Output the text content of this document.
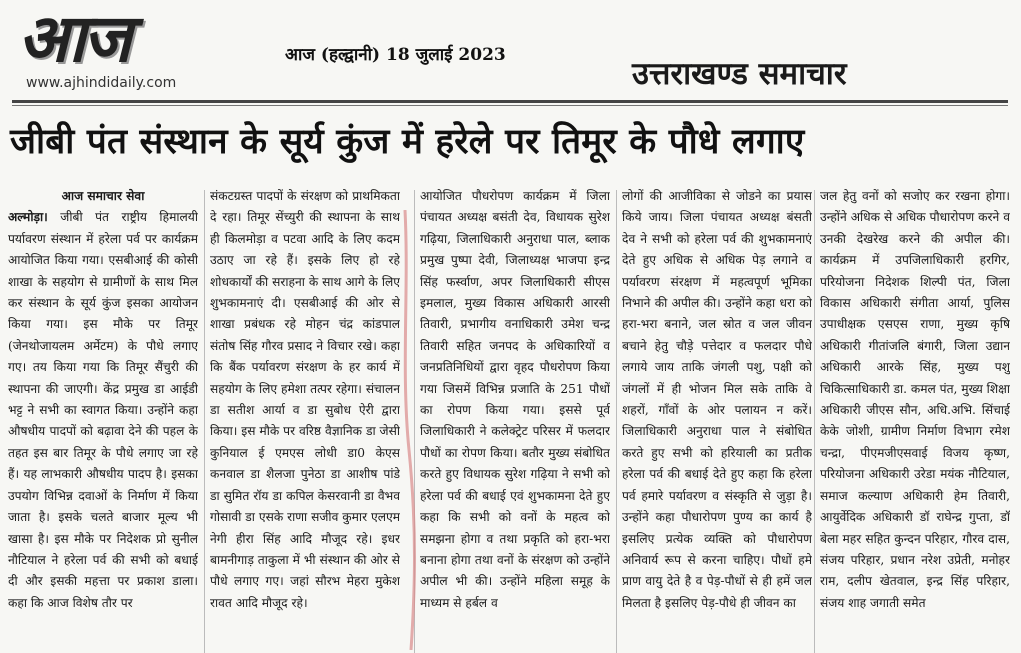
आज
www.ajhindidaily.com
आज (हल्द्वानी) 18 जुलाई 2023
उत्तराखण्ड समाचार
जीबी पंत संस्थान के सूर्य कुंज में हरेले पर तिमूर के पौधे लगाए

आज समाचार सेवा

अल्मोड़ा। जीबी पंत राष्ट्रीय हिमालयी पर्यावरण संस्थान में हरेला पर्व पर कार्यक्रम आयोजित किया गया। एसबीआई की कोसी शाखा के सहयोग से ग्रामीणों के साथ मिल कर संस्थान के सूर्य कुंज इसका आयोजन किया गया। इस मौके पर तिमूर (जेनथोजायलम अर्मेटम) के पौधे लगाए गए। तय किया गया कि तिमूर सैंचुरी की स्थापना की जाएगी। केंद्र प्रमुख डा आईडी भट्ट ने सभी का स्वागत किया। उन्होंने कहा औषधीय पादपों को बढ़ावा देने की पहल के तहत इस बार तिमूर के पौधे लगाए जा रहे हैं। यह लाभकारी औषधीय पादप है। इसका उपयोग विभिन्न दवाओं के निर्माण में किया जाता है। इसके चलते बाजार मूल्य भी खासा है। इस मौके पर निदेशक प्रो सुनील नौटियाल ने हरेला पर्व की सभी को बधाई दी और इसकी महत्ता पर प्रकाश डाला। कहा कि आज विशेष तौर पर

संकटग्रस्त पादपों के संरक्षण को प्राथमिकता दे रहा। तिमूर सेंच्युरी की स्थापना के साथ ही किलमोड़ा व पटवा आदि के लिए कदम उठाए जा रहे हैं। इसके लिए हो रहे शोधकार्यों की सराहना के साथ आगे के लिए शुभकामनाएं दी। एसबीआई की ओर से शाखा प्रबंधक रहे मोहन चंद्र कांडपाल संतोष सिंह गौरव प्रसाद ने विचार रखे। कहा कि बैंक पर्यावरण संरक्षण के हर कार्य में सहयोग के लिए हमेशा तत्पर रहेगा। संचालन डा सतीश आर्या व डा सुबोध ऐरी द्वारा किया। इस मौके पर वरिष्ठ वैज्ञानिक डा जेसी कुनियाल ई एमएस लोधी डा0 केएस कनवाल डा शैलजा पुनेठा डा आशीष पांडे डा सुमित रॉय डा कपिल केसरवानी डा वैभव गोसावी डा एसके राणा सजीव कुमार एलएम नेगी हीरा सिंह आदि मौजूद रहे। इधर बामनीगाड़ ताकुला में भी संस्थान की ओर से पौधे लगाए गए। जहां सौरभ मेहरा मुकेश रावत आदि मौजूद रहे।

आयोजित पौधरोपण कार्यक्रम में जिला पंचायत अध्यक्ष बसंती देव, विधायक सुरेश गढ़िया, जिलाधिकारी अनुराधा पाल, ब्लाक प्रमुख पुष्पा देवी, जिलाध्यक्ष भाजपा इन्द्र सिंह फर्स्वाण, अपर जिलाधिकारी सीएस इमलाल, मुख्य विकास अधिकारी आरसी तिवारी, प्रभागीय वनाधिकारी उमेश चन्द्र तिवारी सहित जनपद के अधिकारियों व जनप्रतिनिधियों द्वारा वृहद पौधरोपण किया गया जिसमें विभिन्न प्रजाति के 251 पौधों का रोपण किया गया। इससे पूर्व जिलाधिकारी ने कलेक्ट्रेट परिसर में फलदार पौधों का रोपण किया। बतौर मुख्य संबोधित करते हुए विधायक सुरेश गढ़िया ने सभी को हरेला पर्व की बधाई एवं शुभकामना देते हुए कहा कि सभी को वनों के महत्व को समझना होगा व तथा प्रकृति को हरा-भरा बनाना होगा तथा वनों के संरक्षण को उन्होंने अपील भी की। उन्होंने महिला समूह के माध्यम से हर्बल व

लोगों की आजीविका से जोडने का प्रयास किये जाय। जिला पंचायत अध्यक्ष बंसती देव ने सभी को हरेला पर्व की शुभकामनाएं देते हुए अधिक से अधिक पेड़ लगाने व पर्यावरण संरक्षण में महत्वपूर्ण भूमिका निभाने की अपील की। उन्होंने कहा धरा को हरा-भरा बनाने, जल स्रोत व जल जीवन बचाने हेतु चौड़े पत्तेदार व फलदार पौधे लगाये जाय ताकि जंगली पशु, पक्षी को जंगलों में ही भोजन मिल सके ताकि वे शहरों, गाँवों के ओर पलायन न करें। जिलाधिकारी अनुराधा पाल ने संबोधित करते हुए सभी को हरियाली का प्रतीक हरेला पर्व की बधाई देते हुए कहा कि हरेला पर्व हमारे पर्यावरण व संस्कृति से जुड़ा है। उन्होंने कहा पौधारोपण पुण्य का कार्य है इसलिए प्रत्येक व्यक्ति को पौधारोपण अनिवार्य रूप से करना चाहिए। पौधों हमे प्राण वायु देते है व पेड़-पौधों से ही हमें जल मिलता है इसलिए पेड़-पौधे ही जीवन का

जल हेतु वनों को सजोए कर रखना होगा। उन्होंने अधिक से अधिक पौधारोपण करने व उनकी देखरेख करने की अपील की। कार्यक्रम में उपजिलाधिकारी हरगिर, परियोजना निदेशक शिल्पी पंत, जिला विकास अधिकारी संगीता आर्या, पुलिस उपाधीक्षक एसएस राणा, मुख्य कृषि अधिकारी गीतांजलि बंगारी, जिला उद्यान अधिकारी आरके सिंह, मुख्य पशु चिकित्साधिकारी डा. कमल पंत, मुख्य शिक्षा अधिकारी जीएस सौन, अधि.अभि. सिंचाई केके जोशी, ग्रामीण निर्माण विभाग रमेश चन्द्रा, पीएमजीएसवाई विजय कृष्ण, परियोजना अधिकारी उरेडा मयंक नौटियाल, समाज कल्याण अधिकारी हेम तिवारी, आयुर्वेदिक अधिकारी डॉ राघेन्द्र गुप्ता, डॉ बेला महर सहित कुन्दन परिहार, गौरव दास, संजय परिहार, प्रधान नरेश उप्रेती, मनोहर राम, दलीप खेतवाल, इन्द्र सिंह परिहार, संजय शाह जगाती समेत
